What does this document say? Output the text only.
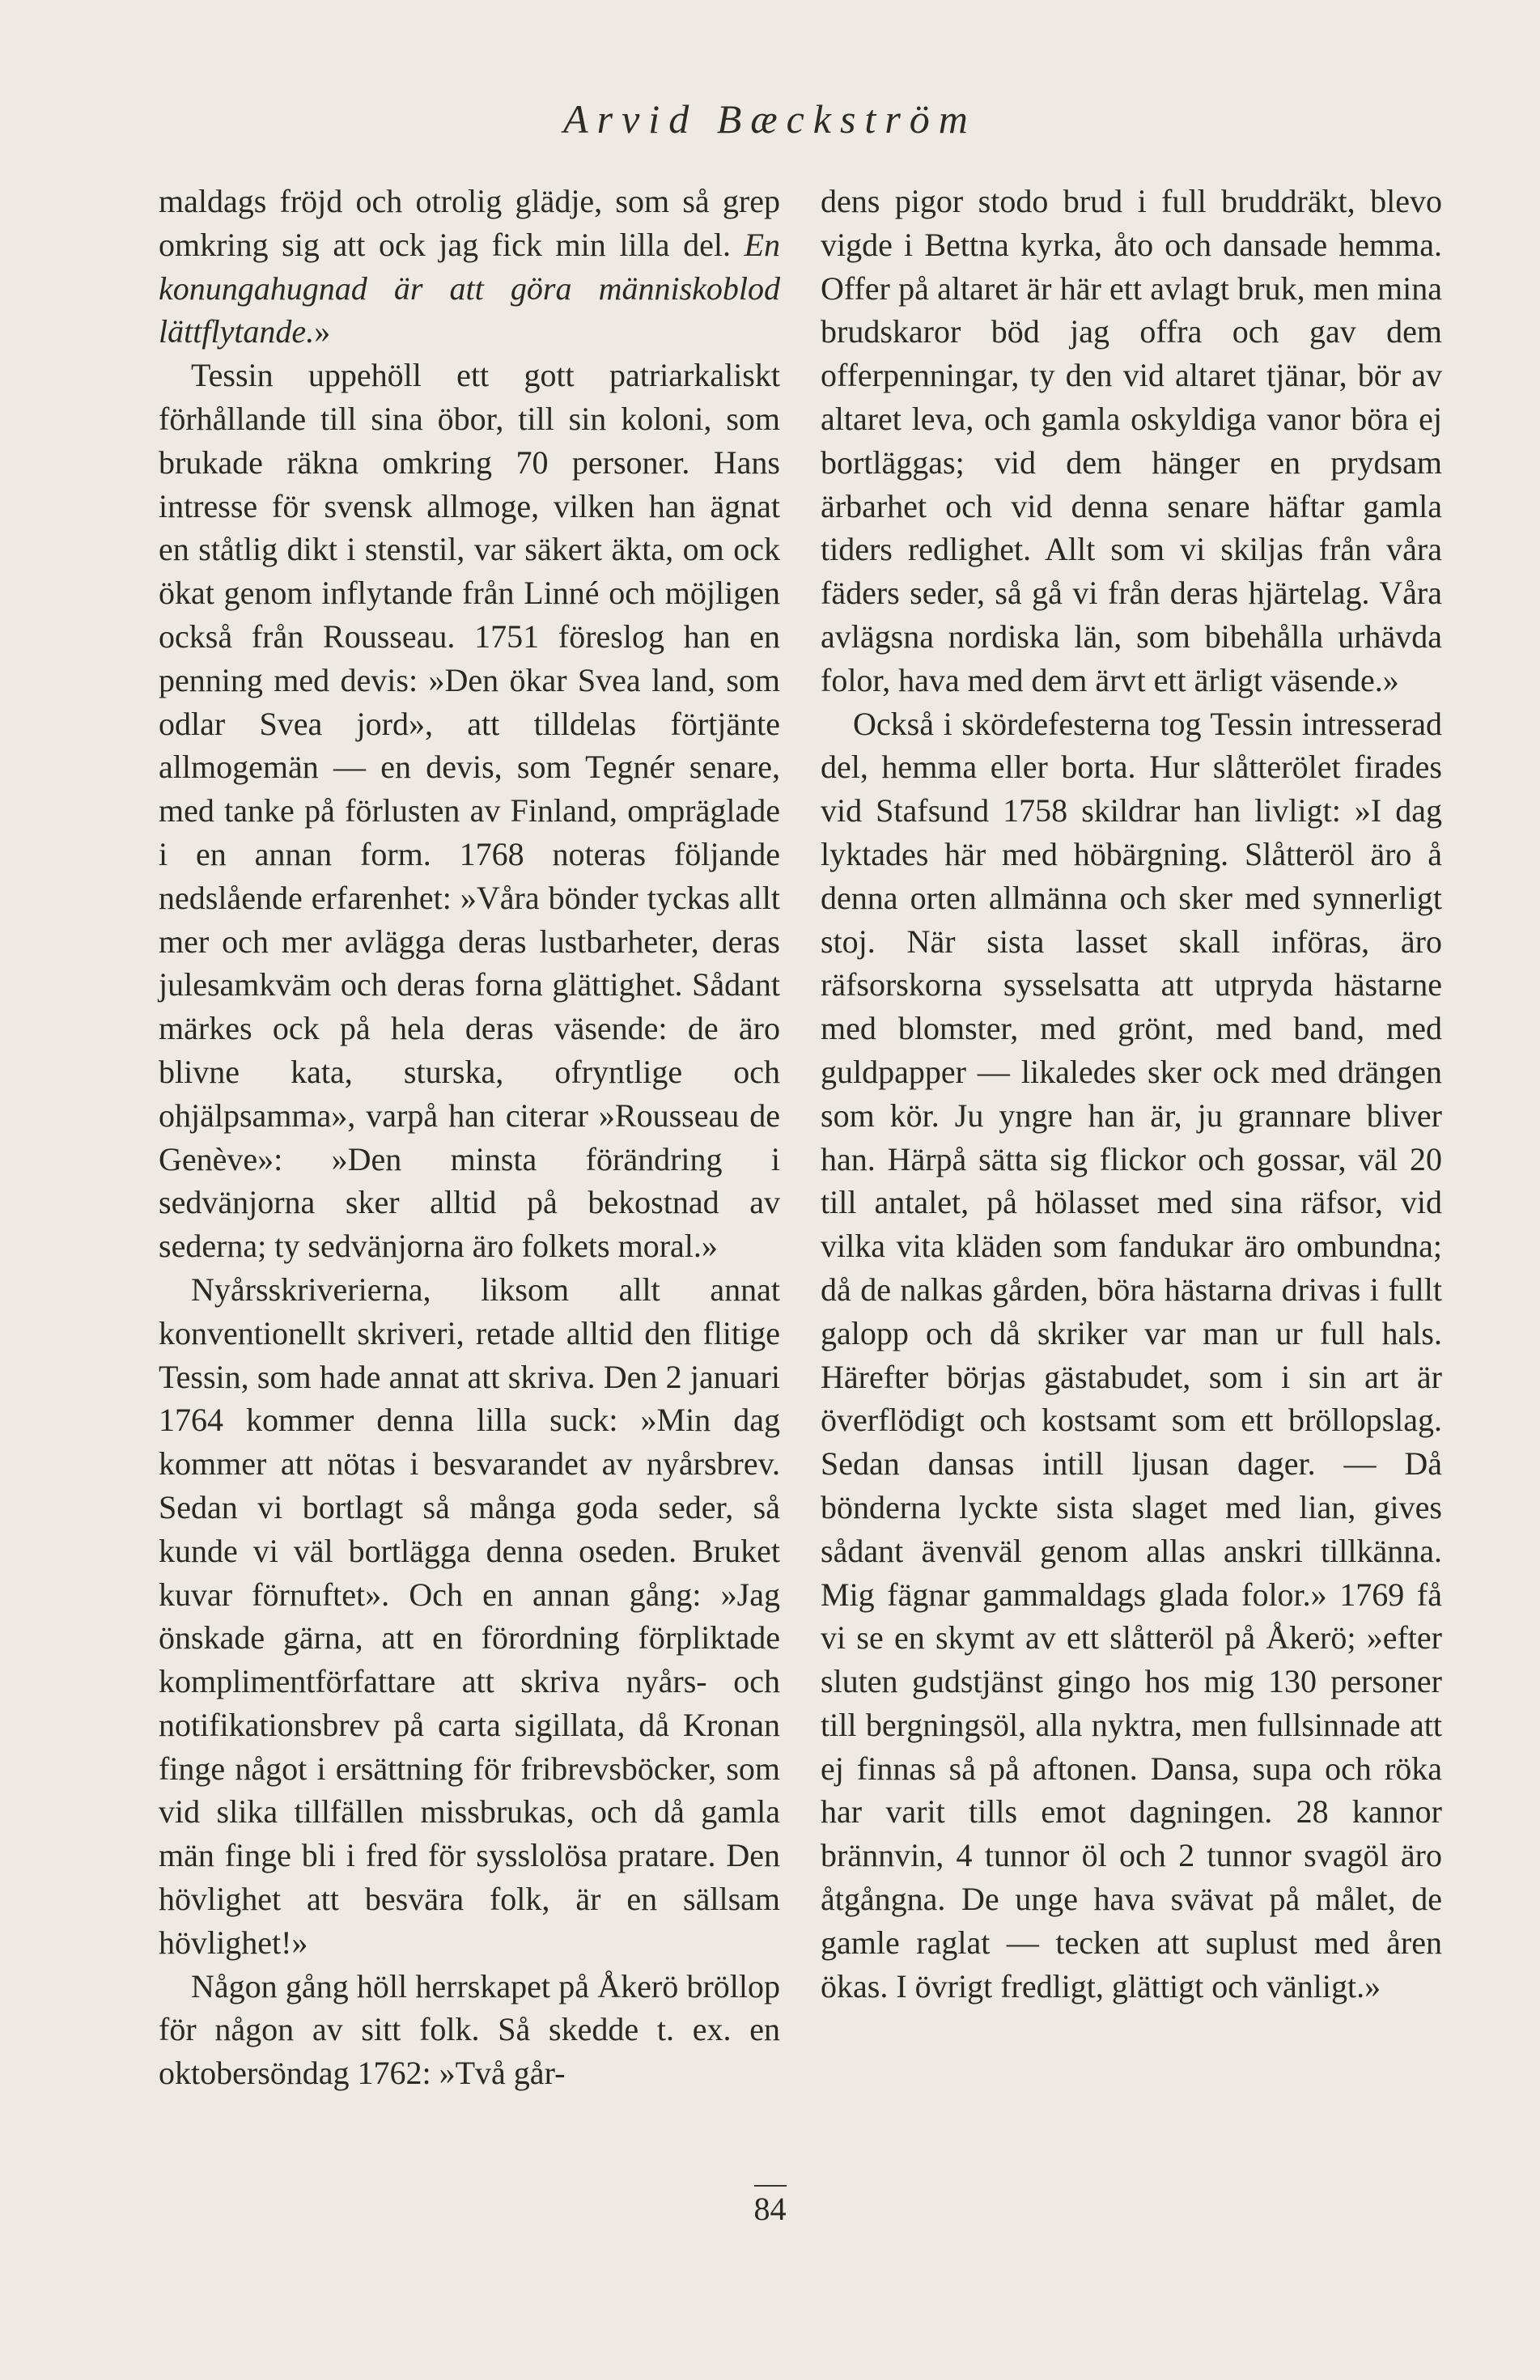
Arvid Bæckström

maldags fröjd och otrolig glädje, som så grep omkring sig att ock jag fick min lilla del. En konungahugnad är att göra människoblod lättflytande.»

Tessin uppehöll ett gott patriarkaliskt förhållande till sina öbor, till sin koloni, som brukade räkna omkring 70 personer. Hans intresse för svensk allmoge, vilken han ägnat en ståtlig dikt i stenstil, var säkert äkta, om ock ökat genom inflytande från Linné och möjligen också från Rousseau. 1751 föreslog han en penning med devis: »Den ökar Svea land, som odlar Svea jord», att tilldelas förtjänte allmogemän — en devis, som Tegnér senare, med tanke på förlusten av Finland, ompräglade i en annan form. 1768 noteras följande nedslående erfarenhet: »Våra bönder tyckas allt mer och mer avlägga deras lustbarheter, deras julesamkväm och deras forna glättighet. Sådant märkes ock på hela deras väsende: de äro blivne kata, sturska, ofryntlige och ohjälpsamma», varpå han citerar »Rousseau de Genève»: »Den minsta förändring i sedvänjorna sker alltid på bekostnad av sederna; ty sedvänjorna äro folkets moral.»

Nyårsskriverierna, liksom allt annat konventionellt skriveri, retade alltid den flitige Tessin, som hade annat att skriva. Den 2 januari 1764 kommer denna lilla suck: »Min dag kommer att nötas i besvarandet av nyårsbrev. Sedan vi bortlagt så många goda seder, så kunde vi väl bortlägga denna oseden. Bruket kuvar förnuftet». Och en annan gång: »Jag önskade gärna, att en förordning förpliktade komplimentförfattare att skriva nyårs- och notifikationsbrev på carta sigillata, då Kronan finge något i ersättning för fribrevsböcker, som vid slika tillfällen missbrukas, och då gamla män finge bli i fred för sysslolösa pratare. Den hövlighet att besvära folk, är en sällsam hövlighet!»

Någon gång höll herrskapet på Åkerö bröllop för någon av sitt folk. Så skedde t. ex. en oktobersöndag 1762: »Två går-

dens pigor stodo brud i full bruddräkt, blevo vigde i Bettna kyrka, åto och dansade hemma. Offer på altaret är här ett avlagt bruk, men mina brudskaror böd jag offra och gav dem offerpenningar, ty den vid altaret tjänar, bör av altaret leva, och gamla oskyldiga vanor böra ej bortläggas; vid dem hänger en prydsam ärbarhet och vid denna senare häftar gamla tiders redlighet. Allt som vi skiljas från våra fäders seder, så gå vi från deras hjärtelag. Våra avlägsna nordiska län, som bibehålla urhävda folor, hava med dem ärvt ett ärligt väsende.»

Också i skördefesterna tog Tessin intresserad del, hemma eller borta. Hur slåtterölet firades vid Stafsund 1758 skildrar han livligt: »I dag lyktades här med höbärgning. Slåtteröl äro å denna orten allmänna och sker med synnerligt stoj. När sista lasset skall införas, äro räfsorskorna sysselsatta att utpryda hästarne med blomster, med grönt, med band, med guldpapper — likaledes sker ock med drängen som kör. Ju yngre han är, ju grannare bliver han. Härpå sätta sig flickor och gossar, väl 20 till antalet, på hölasset med sina räfsor, vid vilka vita kläden som fandukar äro ombundna; då de nalkas gården, böra hästarna drivas i fullt galopp och då skriker var man ur full hals. Härefter börjas gästabudet, som i sin art är överflödigt och kostsamt som ett bröllopslag. Sedan dansas intill ljusan dager. — Då bönderna lyckte sista slaget med lian, gives sådant ävenväl genom allas anskri tillkänna. Mig fägnar gammaldags glada folor.» 1769 få vi se en skymt av ett slåtteröl på Åkerö; »efter sluten gudstjänst gingo hos mig 130 personer till bergningsöl, alla nyktra, men fullsinnade att ej finnas så på aftonen. Dansa, supa och röka har varit tills emot dagningen. 28 kannor brännvin, 4 tunnor öl och 2 tunnor svagöl äro åtgångna. De unge hava svävat på målet, de gamle raglat — tecken att suplust med åren ökas. I övrigt fredligt, glättigt och vänligt.»

84
